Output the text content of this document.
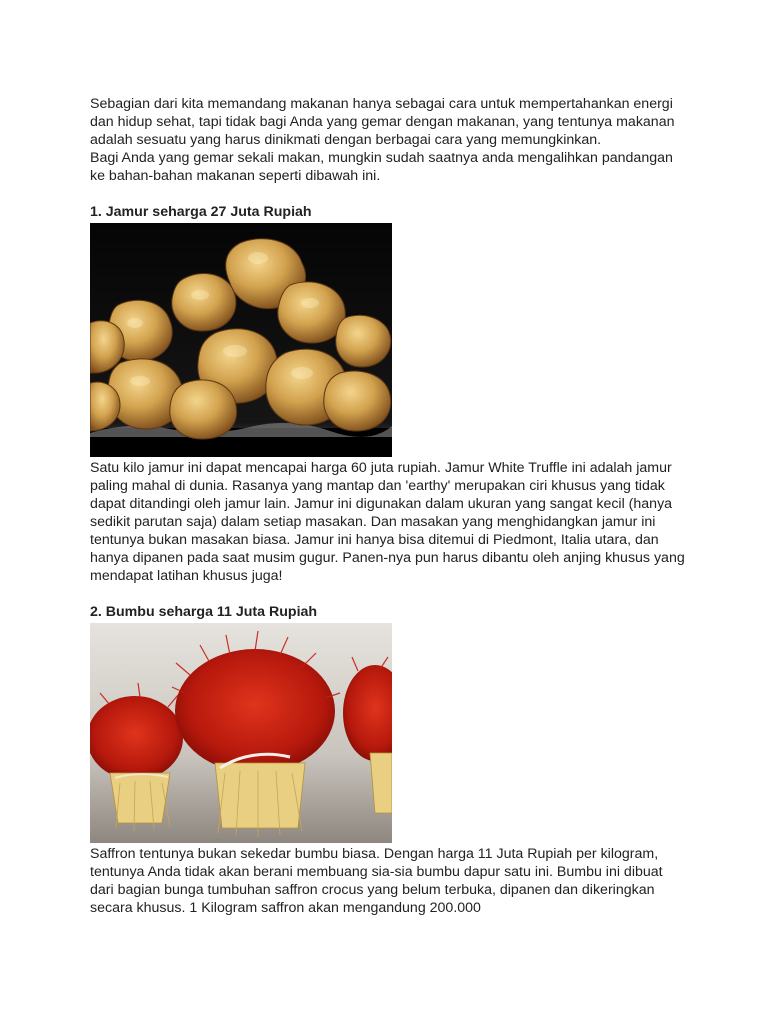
Sebagian dari kita memandang makanan hanya sebagai cara untuk mempertahankan energi dan hidup sehat, tapi tidak bagi Anda yang gemar dengan makanan, yang tentunya makanan adalah sesuatu yang harus dinikmati dengan berbagai cara yang memungkinkan.

Bagi Anda yang gemar sekali makan, mungkin sudah saatnya anda mengalihkan pandangan ke bahan-bahan makanan seperti dibawah ini.

1. Jamur seharga 27 Juta Rupiah

Satu kilo jamur ini dapat mencapai harga 60 juta rupiah. Jamur White Truffle ini adalah jamur paling mahal di dunia. Rasanya yang mantap dan 'earthy' merupakan ciri khusus yang tidak dapat ditandingi oleh jamur lain. Jamur ini digunakan dalam ukuran yang sangat kecil (hanya sedikit parutan saja) dalam setiap masakan. Dan masakan yang menghidangkan jamur ini tentunya bukan masakan biasa. Jamur ini hanya bisa ditemui di Piedmont, Italia utara, dan hanya dipanen pada saat musim gugur. Panen-nya pun harus dibantu oleh anjing khusus yang mendapat latihan khusus juga!

2. Bumbu seharga 11 Juta Rupiah

Saffron tentunya bukan sekedar bumbu biasa. Dengan harga 11 Juta Rupiah per kilogram, tentunya Anda tidak akan berani membuang sia-sia bumbu dapur satu ini. Bumbu ini dibuat dari bagian bunga tumbuhan saffron crocus yang belum terbuka, dipanen dan dikeringkan secara khusus. 1 Kilogram saffron akan mengandung 200.000
